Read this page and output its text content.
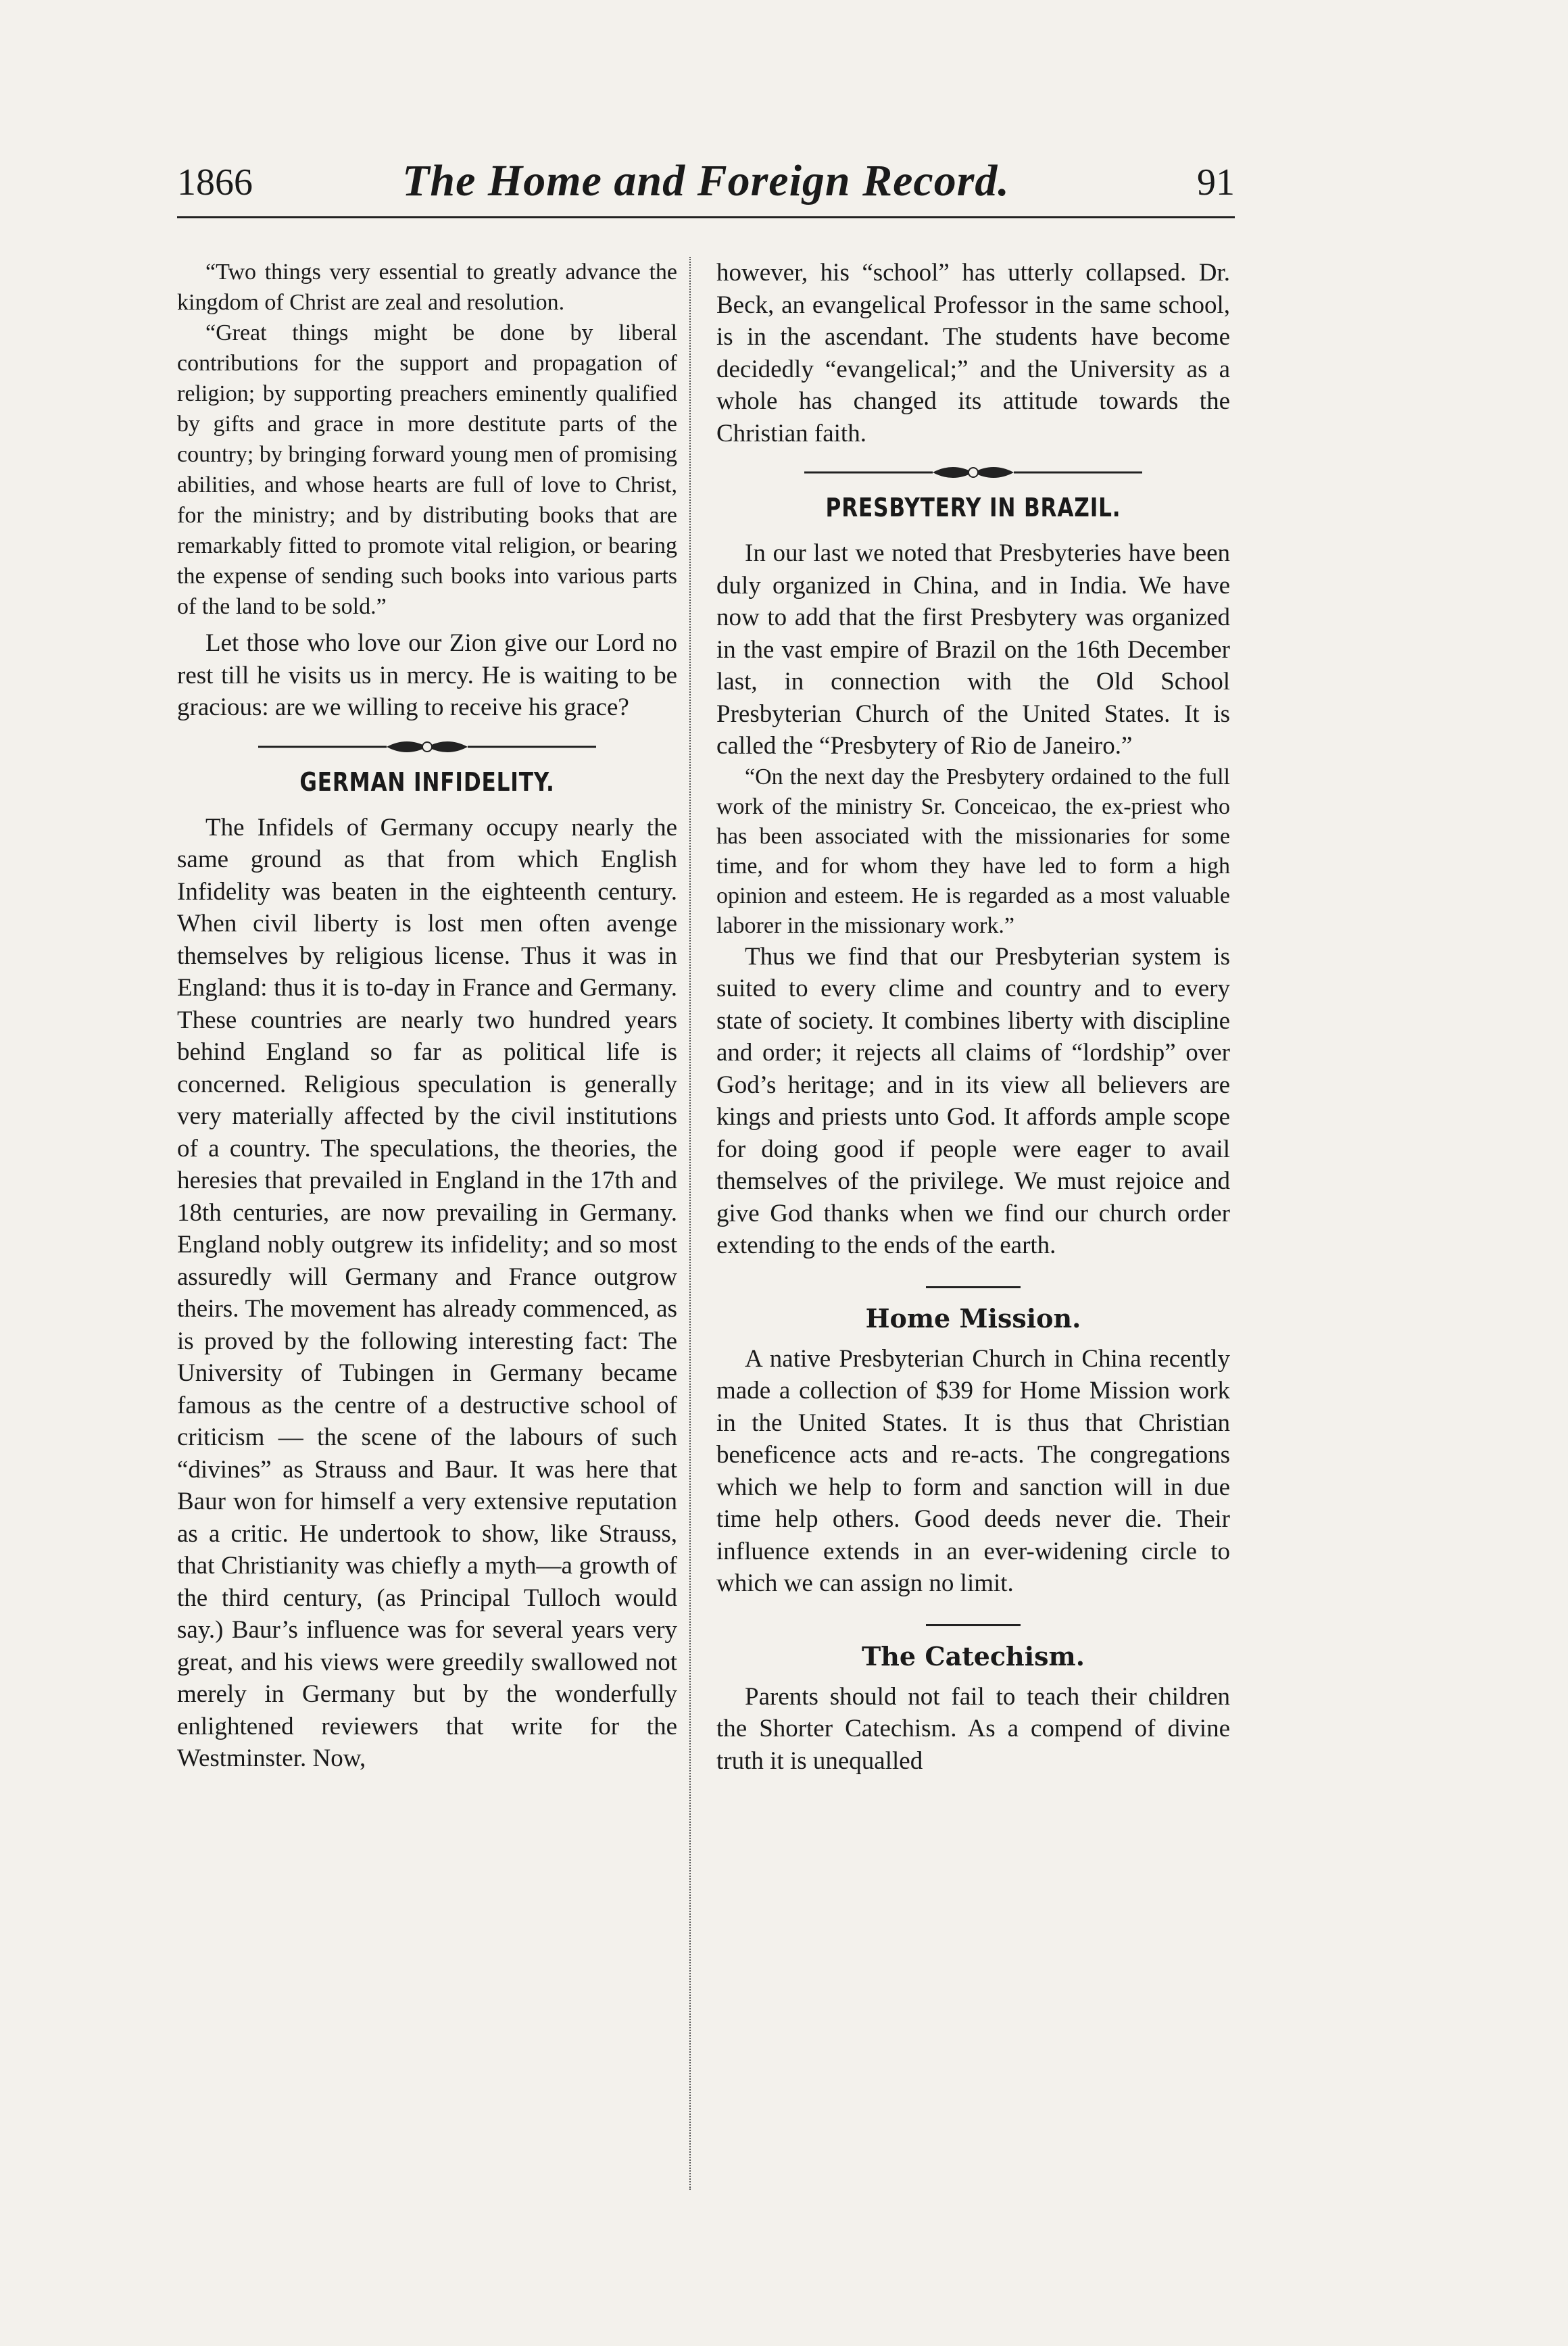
1866	The Home and Foreign Record.	91

“Two things very essential to greatly advance the kingdom of Christ are zeal and resolution.

“Great things might be done by liberal contributions for the support and propagation of religion; by supporting preachers eminently qualified by gifts and grace in more destitute parts of the country; by bringing forward young men of promising abilities, and whose hearts are full of love to Christ, for the ministry; and by distributing books that are remarkably fitted to promote vital religion, or bearing the expense of sending such books into various parts of the land to be sold.”

Let those who love our Zion give our Lord no rest till he visits us in mercy. He is waiting to be gracious: are we willing to receive his grace?

GERMAN INFIDELITY.

The Infidels of Germany occupy nearly the same ground as that from which English Infidelity was beaten in the eighteenth century. When civil liberty is lost men often avenge themselves by religious license. Thus it was in England: thus it is to-day in France and Germany. These countries are nearly two hundred years behind England so far as political life is concerned. Religious speculation is generally very materially affected by the civil institutions of a country. The speculations, the theories, the heresies that prevailed in England in the 17th and 18th centuries, are now prevailing in Germany. England nobly outgrew its infidelity; and so most assuredly will Germany and France outgrow theirs. The movement has already commenced, as is proved by the following interesting fact: The University of Tubingen in Germany became famous as the centre of a destructive school of criticism — the scene of the labours of such “divines” as Strauss and Baur. It was here that Baur won for himself a very extensive reputation as a critic. He undertook to show, like Strauss, that Christianity was chiefly a myth—a growth of the third century, (as Principal Tulloch would say.) Baur’s influence was for several years very great, and his views were greedily swallowed not merely in Germany but by the wonderfully enlightened reviewers that write for the Westminster. Now,

however, his “school” has utterly collapsed. Dr. Beck, an evangelical Professor in the same school, is in the ascendant. The students have become decidedly “evangelical;” and the University as a whole has changed its attitude towards the Christian faith.

PRESBYTERY IN BRAZIL.

In our last we noted that Presbyteries have been duly organized in China, and in India. We have now to add that the first Presbytery was organized in the vast empire of Brazil on the 16th December last, in connection with the Old School Presbyterian Church of the United States. It is called the “Presbytery of Rio de Janeiro.”

“On the next day the Presbytery ordained to the full work of the ministry Sr. Conceicao, the ex-priest who has been associated with the missionaries for some time, and for whom they have led to form a high opinion and esteem. He is regarded as a most valuable laborer in the missionary work.”

Thus we find that our Presbyterian system is suited to every clime and country and to every state of society. It combines liberty with discipline and order; it rejects all claims of “lordship” over God’s heritage; and in its view all believers are kings and priests unto God. It affords ample scope for doing good if people were eager to avail themselves of the privilege. We must rejoice and give God thanks when we find our church order extending to the ends of the earth.

Home Mission.

A native Presbyterian Church in China recently made a collection of $39 for Home Mission work in the United States. It is thus that Christian beneficence acts and re-acts. The congregations which we help to form and sanction will in due time help others. Good deeds never die. Their influence extends in an ever-widening circle to which we can assign no limit.

The Catechism.

Parents should not fail to teach their children the Shorter Catechism. As a compend of divine truth it is unequalled
